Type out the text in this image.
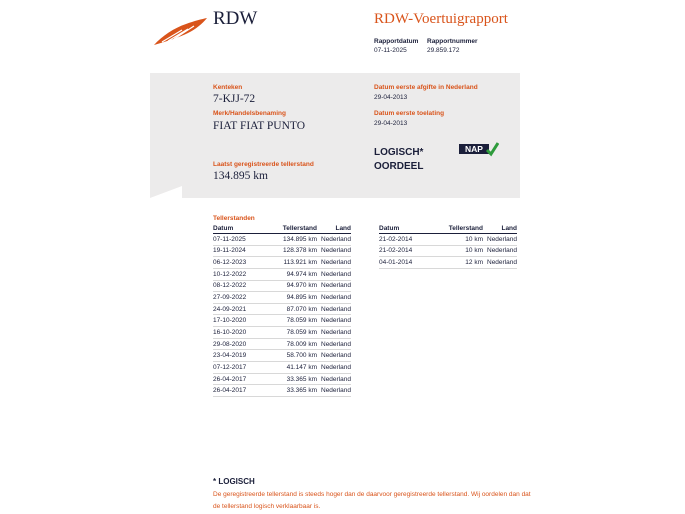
RDW	RDW-Voertuigrapport
Rapportdatum
07-11-2025
Rapportnummer
29.859.172
Kenteken
7-KJJ-72
Merk/Handelsbenaming
FIAT FIAT PUNTO
Laatst geregistreerde tellerstand
134.895 km
Datum eerste afgifte in Nederland
29-04-2013
Datum eerste toelating
29-04-2013
LOGISCH*
OORDEEL
NAP
Tellerstanden
Datum	Tellerstand	Land
07-11-2025	134.895 km	Nederland
19-11-2024	128.378 km	Nederland
06-12-2023	113.921 km	Nederland
10-12-2022	94.974 km	Nederland
08-12-2022	94.970 km	Nederland
27-09-2022	94.895 km	Nederland
24-09-2021	87.070 km	Nederland
17-10-2020	78.059 km	Nederland
16-10-2020	78.059 km	Nederland
29-08-2020	78.009 km	Nederland
23-04-2019	58.700 km	Nederland
07-12-2017	41.147 km	Nederland
26-04-2017	33.365 km	Nederland
26-04-2017	33.365 km	Nederland
Datum	Tellerstand	Land
21-02-2014	10 km	Nederland
21-02-2014	10 km	Nederland
04-01-2014	12 km	Nederland
* LOGISCH
De geregistreerde tellerstand is steeds hoger dan de daarvoor geregistreerde tellerstand. Wij oordelen dan dat de tellerstand logisch verklaarbaar is.
